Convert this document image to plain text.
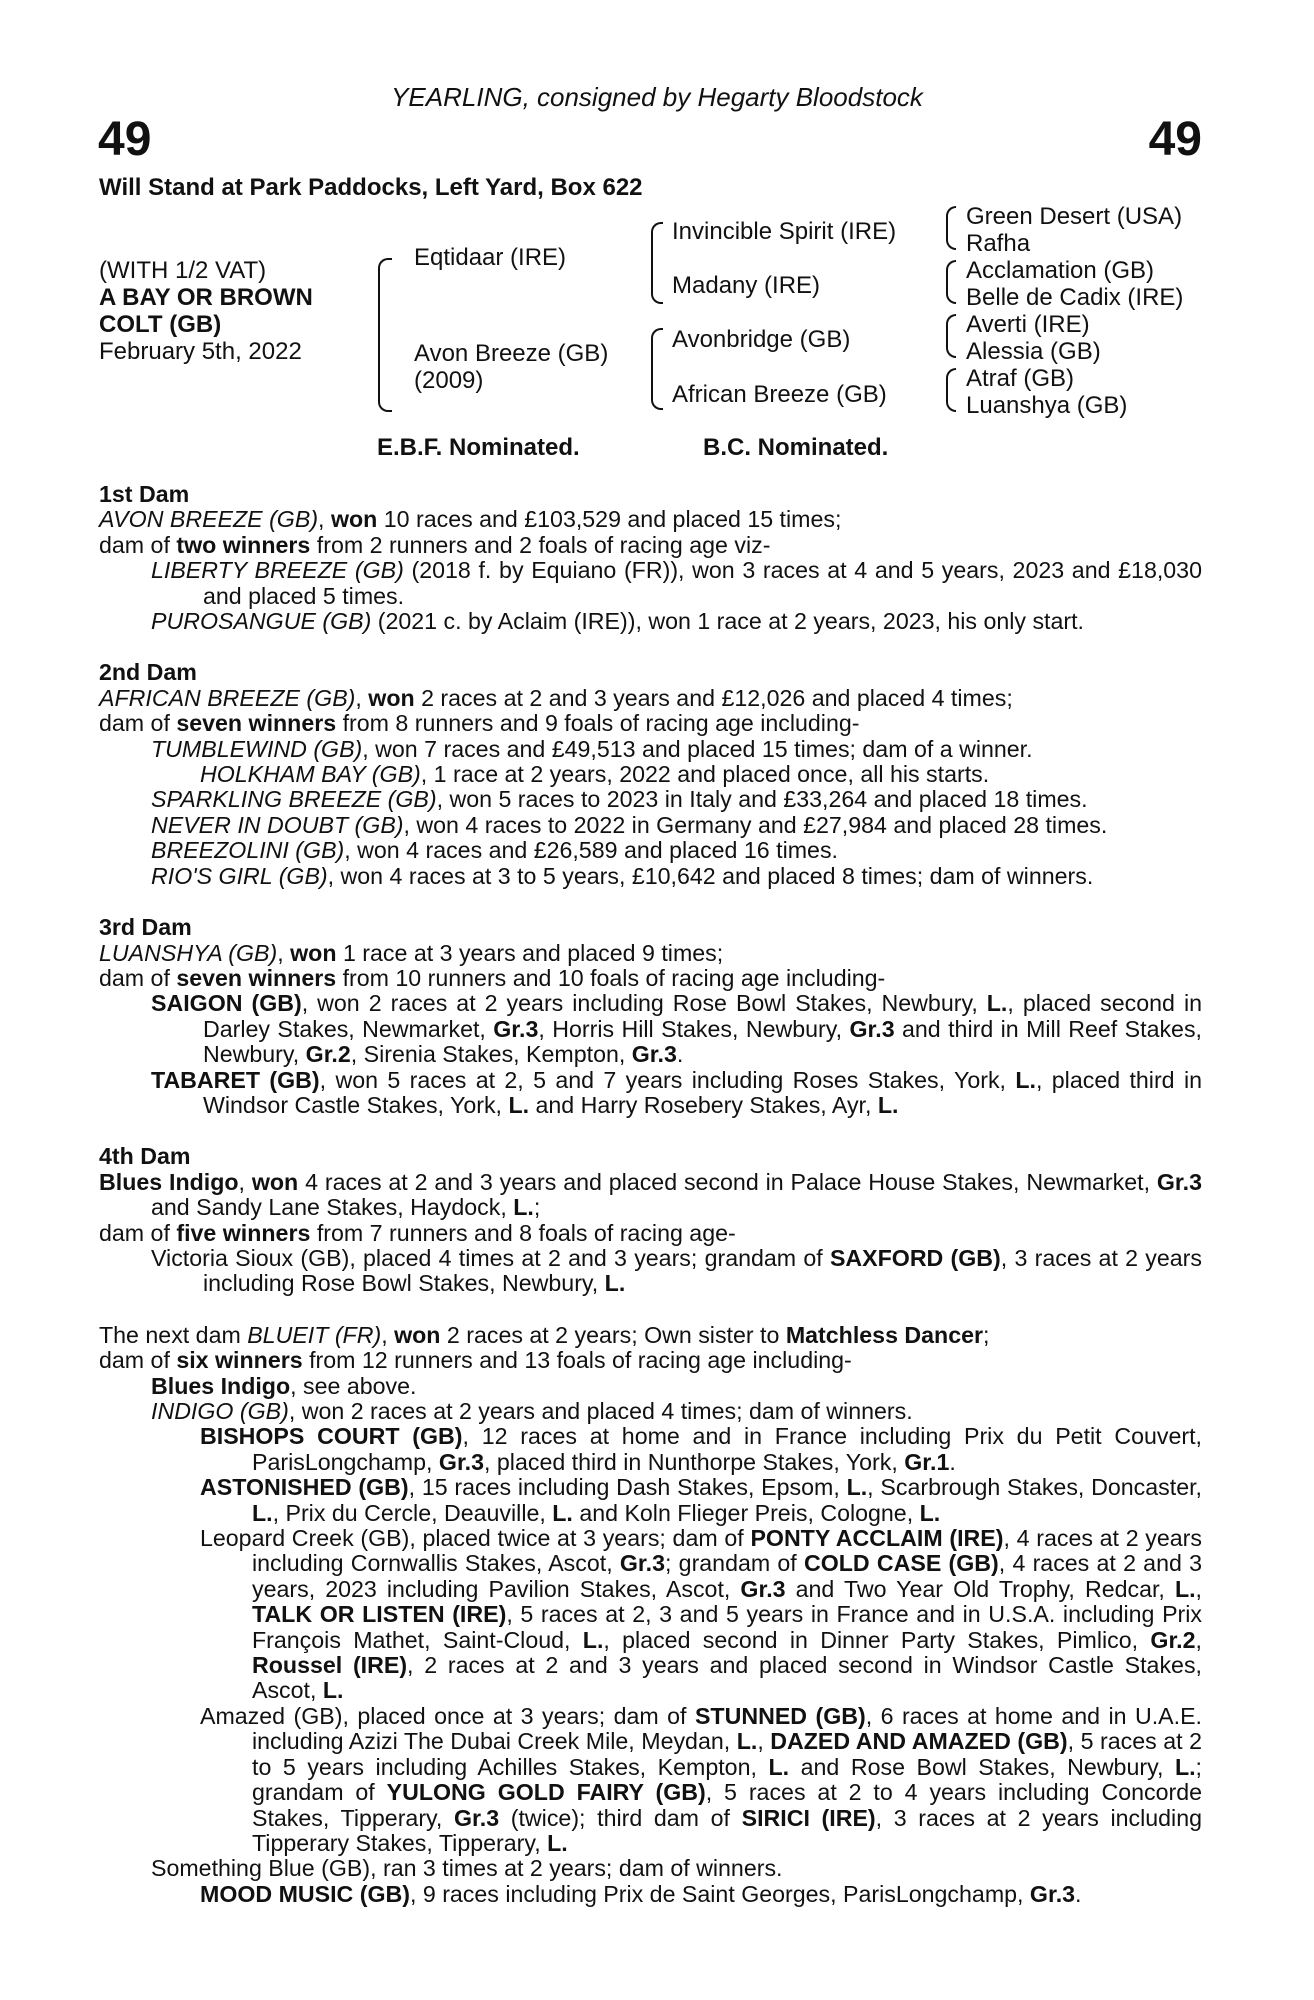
YEARLING, consigned by Hegarty Bloodstock
49	49
Will Stand at Park Paddocks, Left Yard, Box 622
(WITH 1/2 VAT)
A BAY OR BROWN
COLT (GB)
February 5th, 2022
Eqtidaar (IRE)
Avon Breeze (GB)
(2009)
Invincible Spirit (IRE)
Madany (IRE)
Avonbridge (GB)
African Breeze (GB)
Green Desert (USA)
Rafha
Acclamation (GB)
Belle de Cadix (IRE)
Averti (IRE)
Alessia (GB)
Atraf (GB)
Luanshya (GB)
E.B.F. Nominated.	B.C. Nominated.
1st Dam
AVON BREEZE (GB), won 10 races and £103,529 and placed 15 times;
dam of two winners from 2 runners and 2 foals of racing age viz-
LIBERTY BREEZE (GB) (2018 f. by Equiano (FR)), won 3 races at 4 and 5 years, 2023 and £18,030 and placed 5 times.
PUROSANGUE (GB) (2021 c. by Aclaim (IRE)), won 1 race at 2 years, 2023, his only start.
2nd Dam
AFRICAN BREEZE (GB), won 2 races at 2 and 3 years and £12,026 and placed 4 times;
dam of seven winners from 8 runners and 9 foals of racing age including-
TUMBLEWIND (GB), won 7 races and £49,513 and placed 15 times; dam of a winner.
HOLKHAM BAY (GB), 1 race at 2 years, 2022 and placed once, all his starts.
SPARKLING BREEZE (GB), won 5 races to 2023 in Italy and £33,264 and placed 18 times.
NEVER IN DOUBT (GB), won 4 races to 2022 in Germany and £27,984 and placed 28 times.
BREEZOLINI (GB), won 4 races and £26,589 and placed 16 times.
RIO'S GIRL (GB), won 4 races at 3 to 5 years, £10,642 and placed 8 times; dam of winners.
3rd Dam
LUANSHYA (GB), won 1 race at 3 years and placed 9 times;
dam of seven winners from 10 runners and 10 foals of racing age including-
SAIGON (GB), won 2 races at 2 years including Rose Bowl Stakes, Newbury, L., placed second in Darley Stakes, Newmarket, Gr.3, Horris Hill Stakes, Newbury, Gr.3 and third in Mill Reef Stakes, Newbury, Gr.2, Sirenia Stakes, Kempton, Gr.3.
TABARET (GB), won 5 races at 2, 5 and 7 years including Roses Stakes, York, L., placed third in Windsor Castle Stakes, York, L. and Harry Rosebery Stakes, Ayr, L.
4th Dam
Blues Indigo, won 4 races at 2 and 3 years and placed second in Palace House Stakes, Newmarket, Gr.3 and Sandy Lane Stakes, Haydock, L.;
dam of five winners from 7 runners and 8 foals of racing age-
Victoria Sioux (GB), placed 4 times at 2 and 3 years; grandam of SAXFORD (GB), 3 races at 2 years including Rose Bowl Stakes, Newbury, L.
The next dam BLUEIT (FR), won 2 races at 2 years; Own sister to Matchless Dancer;
dam of six winners from 12 runners and 13 foals of racing age including-
Blues Indigo, see above.
INDIGO (GB), won 2 races at 2 years and placed 4 times; dam of winners.
BISHOPS COURT (GB), 12 races at home and in France including Prix du Petit Couvert, ParisLongchamp, Gr.3, placed third in Nunthorpe Stakes, York, Gr.1.
ASTONISHED (GB), 15 races including Dash Stakes, Epsom, L., Scarbrough Stakes, Doncaster, L., Prix du Cercle, Deauville, L. and Koln Flieger Preis, Cologne, L.
Leopard Creek (GB), placed twice at 3 years; dam of PONTY ACCLAIM (IRE), 4 races at 2 years including Cornwallis Stakes, Ascot, Gr.3; grandam of COLD CASE (GB), 4 races at 2 and 3 years, 2023 including Pavilion Stakes, Ascot, Gr.3 and Two Year Old Trophy, Redcar, L., TALK OR LISTEN (IRE), 5 races at 2, 3 and 5 years in France and in U.S.A. including Prix François Mathet, Saint-Cloud, L., placed second in Dinner Party Stakes, Pimlico, Gr.2, Roussel (IRE), 2 races at 2 and 3 years and placed second in Windsor Castle Stakes, Ascot, L.
Amazed (GB), placed once at 3 years; dam of STUNNED (GB), 6 races at home and in U.A.E. including Azizi The Dubai Creek Mile, Meydan, L., DAZED AND AMAZED (GB), 5 races at 2 to 5 years including Achilles Stakes, Kempton, L. and Rose Bowl Stakes, Newbury, L.; grandam of YULONG GOLD FAIRY (GB), 5 races at 2 to 4 years including Concorde Stakes, Tipperary, Gr.3 (twice); third dam of SIRICI (IRE), 3 races at 2 years including Tipperary Stakes, Tipperary, L.
Something Blue (GB), ran 3 times at 2 years; dam of winners.
MOOD MUSIC (GB), 9 races including Prix de Saint Georges, ParisLongchamp, Gr.3.
